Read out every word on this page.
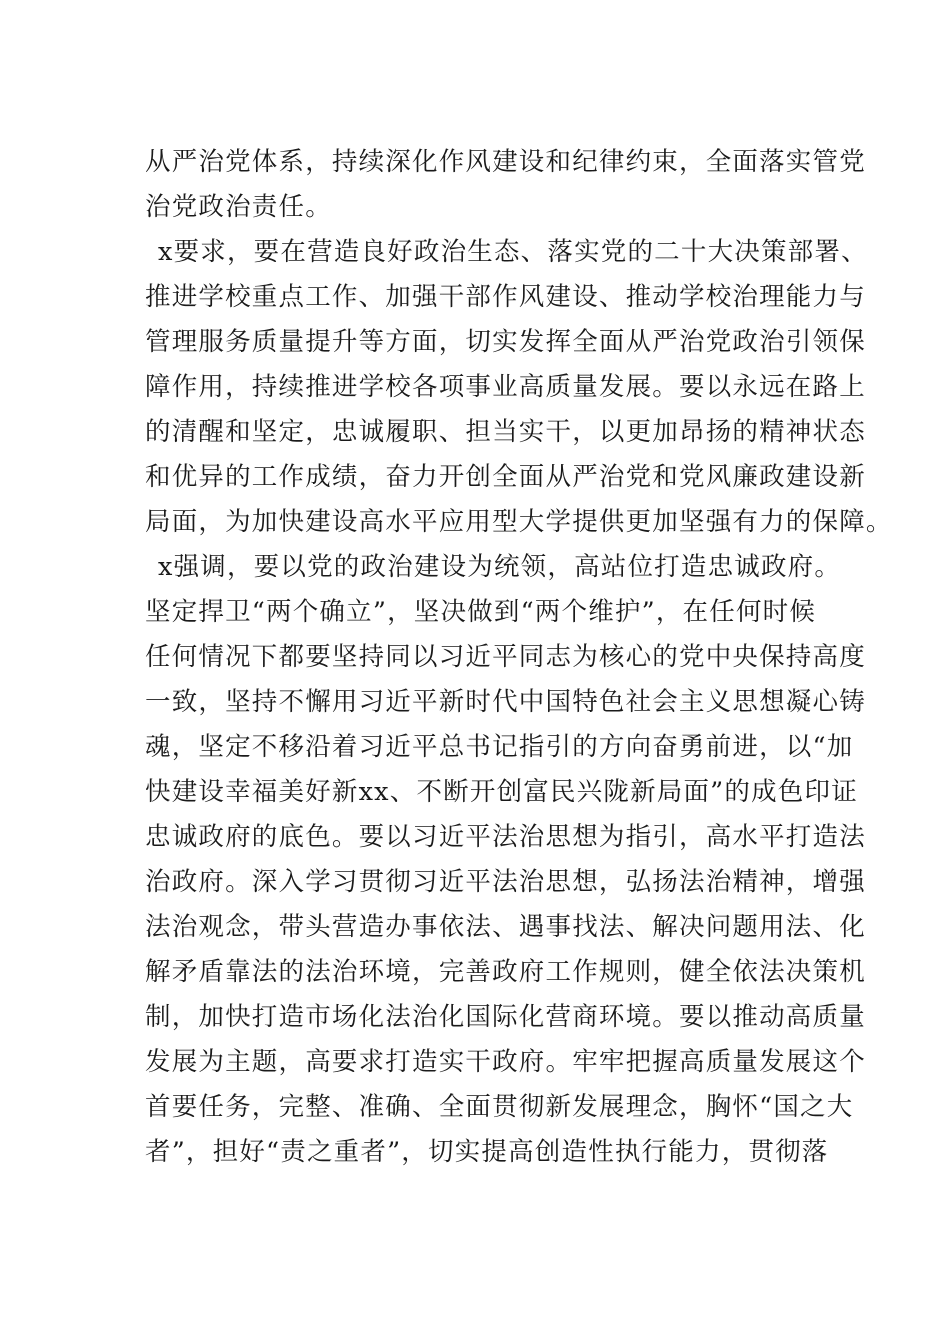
从严治党体系，持续深化作风建设和纪律约束，全面落实管党
治党政治责任。
x要求，要在营造良好政治生态、落实党的二十大决策部署、
推进学校重点工作、加强干部作风建设、推动学校治理能力与
管理服务质量提升等方面，切实发挥全面从严治党政治引领保
障作用，持续推进学校各项事业高质量发展。要以永远在路上
的清醒和坚定，忠诚履职、担当实干，以更加昂扬的精神状态
和优异的工作成绩，奋力开创全面从严治党和党风廉政建设新
局面，为加快建设高水平应用型大学提供更加坚强有力的保障。
x强调，要以党的政治建设为统领，高站位打造忠诚政府。
坚定捍卫“两个确立”，坚决做到“两个维护”，在任何时候
任何情况下都要坚持同以习近平同志为核心的党中央保持高度
一致，坚持不懈用习近平新时代中国特色社会主义思想凝心铸
魂，坚定不移沿着习近平总书记指引的方向奋勇前进，以“加
快建设幸福美好新xx、不断开创富民兴陇新局面”的成色印证
忠诚政府的底色。要以习近平法治思想为指引，高水平打造法
治政府。深入学习贯彻习近平法治思想，弘扬法治精神，增强
法治观念，带头营造办事依法、遇事找法、解决问题用法、化
解矛盾靠法的法治环境，完善政府工作规则，健全依法决策机
制，加快打造市场化法治化国际化营商环境。要以推动高质量
发展为主题，高要求打造实干政府。牢牢把握高质量发展这个
首要任务，完整、准确、全面贯彻新发展理念，胸怀“国之大
者”，担好“责之重者”，切实提高创造性执行能力，贯彻落
